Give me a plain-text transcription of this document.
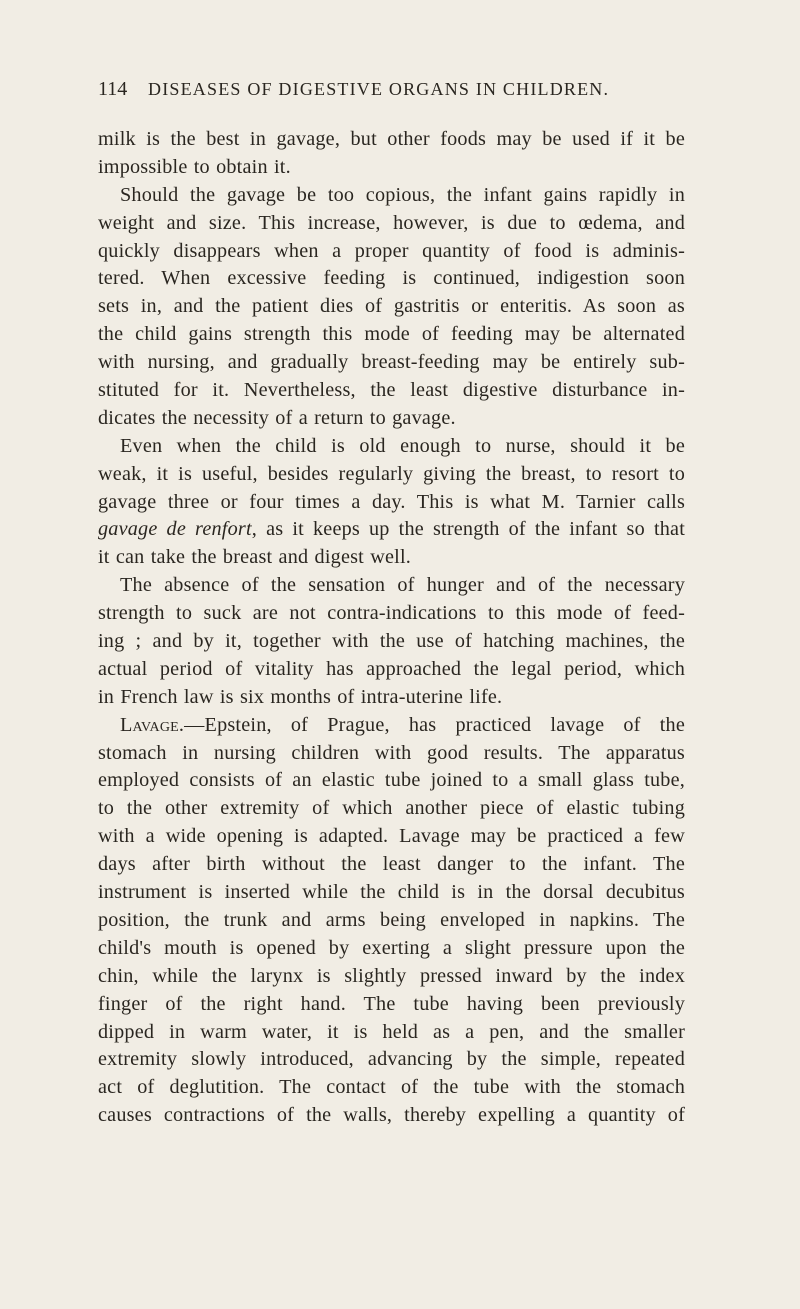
114 DISEASES OF DIGESTIVE ORGANS IN CHILDREN.
milk is the best in gavage, but other foods may be used if it be
impossible to obtain it.
Should the gavage be too copious, the infant gains rapidly in
weight and size. This increase, however, is due to œdema, and
quickly disappears when a proper quantity of food is adminis-
tered. When excessive feeding is continued, indigestion soon
sets in, and the patient dies of gastritis or enteritis. As soon as
the child gains strength this mode of feeding may be alternated
with nursing, and gradually breast-feeding may be entirely sub-
stituted for it. Nevertheless, the least digestive disturbance in-
dicates the necessity of a return to gavage.
Even when the child is old enough to nurse, should it be
weak, it is useful, besides regularly giving the breast, to resort to
gavage three or four times a day. This is what M. Tarnier calls
gavage de renfort, as it keeps up the strength of the infant so that
it can take the breast and digest well.
The absence of the sensation of hunger and of the necessary
strength to suck are not contra-indications to this mode of feed-
ing ; and by it, together with the use of hatching machines, the
actual period of vitality has approached the legal period, which
in French law is six months of intra-uterine life.
Lavage.—Epstein, of Prague, has practiced lavage of the
stomach in nursing children with good results. The apparatus
employed consists of an elastic tube joined to a small glass tube,
to the other extremity of which another piece of elastic tubing
with a wide opening is adapted. Lavage may be practiced a few
days after birth without the least danger to the infant. The
instrument is inserted while the child is in the dorsal decubitus
position, the trunk and arms being enveloped in napkins. The
child's mouth is opened by exerting a slight pressure upon the
chin, while the larynx is slightly pressed inward by the index
finger of the right hand. The tube having been previously
dipped in warm water, it is held as a pen, and the smaller
extremity slowly introduced, advancing by the simple, repeated
act of deglutition. The contact of the tube with the stomach
causes contractions of the walls, thereby expelling a quantity of
